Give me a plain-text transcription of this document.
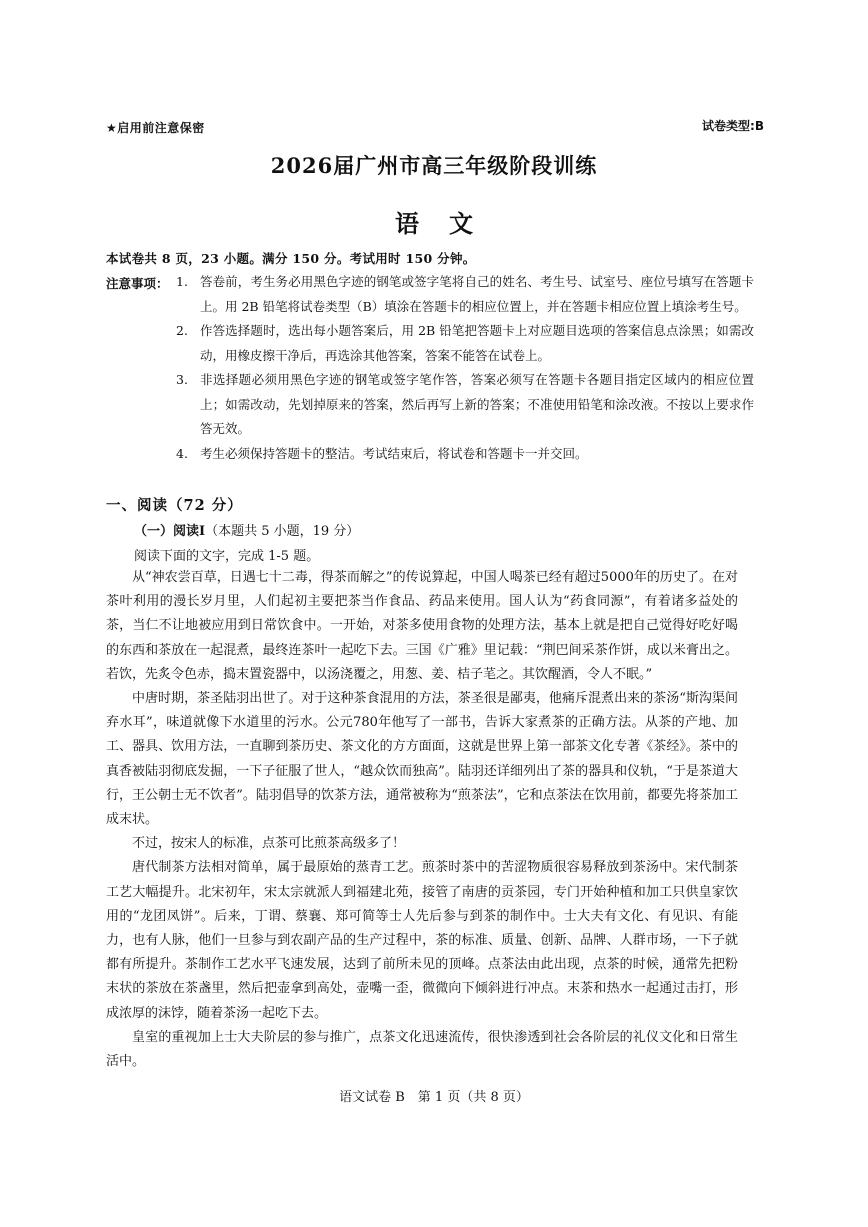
★启用前注意保密	试卷类型:B
2026届广州市高三年级阶段训练
语文
本试卷共 8 页，23 小题。满分 150 分。考试用时 150 分钟。
注意事项： 1. 答卷前，考生务必用黑色字迹的钢笔或签字笔将自己的姓名、考生号、试室号、座位号填写在答题卡上。用 2B 铅笔将试卷类型（B）填涂在答题卡的相应位置上，并在答题卡相应位置上填涂考生号。
2. 作答选择题时，选出每小题答案后，用 2B 铅笔把答题卡上对应题目选项的答案信息点涂黑；如需改动，用橡皮擦干净后，再选涂其他答案，答案不能答在试卷上。
3. 非选择题必须用黑色字迹的钢笔或签字笔作答，答案必须写在答题卡各题目指定区域内的相应位置上；如需改动，先划掉原来的答案，然后再写上新的答案；不准使用铅笔和涂改液。不按以上要求作答无效。
4. 考生必须保持答题卡的整洁。考试结束后，将试卷和答题卡一并交回。
一、阅读（72 分）
（一）阅读Ⅰ（本题共 5 小题，19 分）
阅读下面的文字，完成 1-5 题。

从“神农尝百草，日遇七十二毒，得茶而解之”的传说算起，中国人喝茶已经有超过5000年的历史了。在对茶叶利用的漫长岁月里，人们起初主要把茶当作食品、药品来使用。国人认为“药食同源”，有着诸多益处的茶，当仁不让地被应用到日常饮食中。一开始，对茶多使用食物的处理方法，基本上就是把自己觉得好吃好喝的东西和茶放在一起混煮，最终连茶叶一起吃下去。三国《广雅》里记载：“荆巴间采茶作饼，成以米膏出之。若饮，先炙令色赤，捣末置瓷器中，以汤浇覆之，用葱、姜、桔子芼之。其饮醒酒，令人不眠。”

中唐时期，茶圣陆羽出世了。对于这种茶食混用的方法，茶圣很是鄙夷，他痛斥混煮出来的茶汤“斯沟渠间弃水耳”，味道就像下水道里的污水。公元780年他写了一部书，告诉大家煮茶的正确方法。从茶的产地、加工、器具、饮用方法，一直聊到茶历史、茶文化的方方面面，这就是世界上第一部茶文化专著《茶经》。茶中的真香被陆羽彻底发掘，一下子征服了世人，“越众饮而独高”。陆羽还详细列出了茶的器具和仪轨，“于是茶道大行，王公朝士无不饮者”。陆羽倡导的饮茶方法，通常被称为“煎茶法”，它和点茶法在饮用前，都要先将茶加工成末状。

不过，按宋人的标准，点茶可比煎茶高级多了！

唐代制茶方法相对简单，属于最原始的蒸青工艺。煎茶时茶中的苦涩物质很容易释放到茶汤中。宋代制茶工艺大幅提升。北宋初年，宋太宗就派人到福建北苑，接管了南唐的贡茶园，专门开始种植和加工只供皇家饮用的“龙团凤饼”。后来，丁谓、蔡襄、郑可简等士人先后参与到茶的制作中。士大夫有文化、有见识、有能力，也有人脉，他们一旦参与到农副产品的生产过程中，茶的标准、质量、创新、品牌、人群市场，一下子就都有所提升。茶制作工艺水平飞速发展，达到了前所未见的顶峰。点茶法由此出现，点茶的时候，通常先把粉末状的茶放在茶盏里，然后把壶拿到高处，壶嘴一歪，微微向下倾斜进行冲点。末茶和热水一起通过击打，形成浓厚的沫饽，随着茶汤一起吃下去。

皇室的重视加上士大夫阶层的参与推广，点茶文化迅速流传，很快渗透到社会各阶层的礼仪文化和日常生活中。

语文试卷 B　第 1 页（共 8 页）
